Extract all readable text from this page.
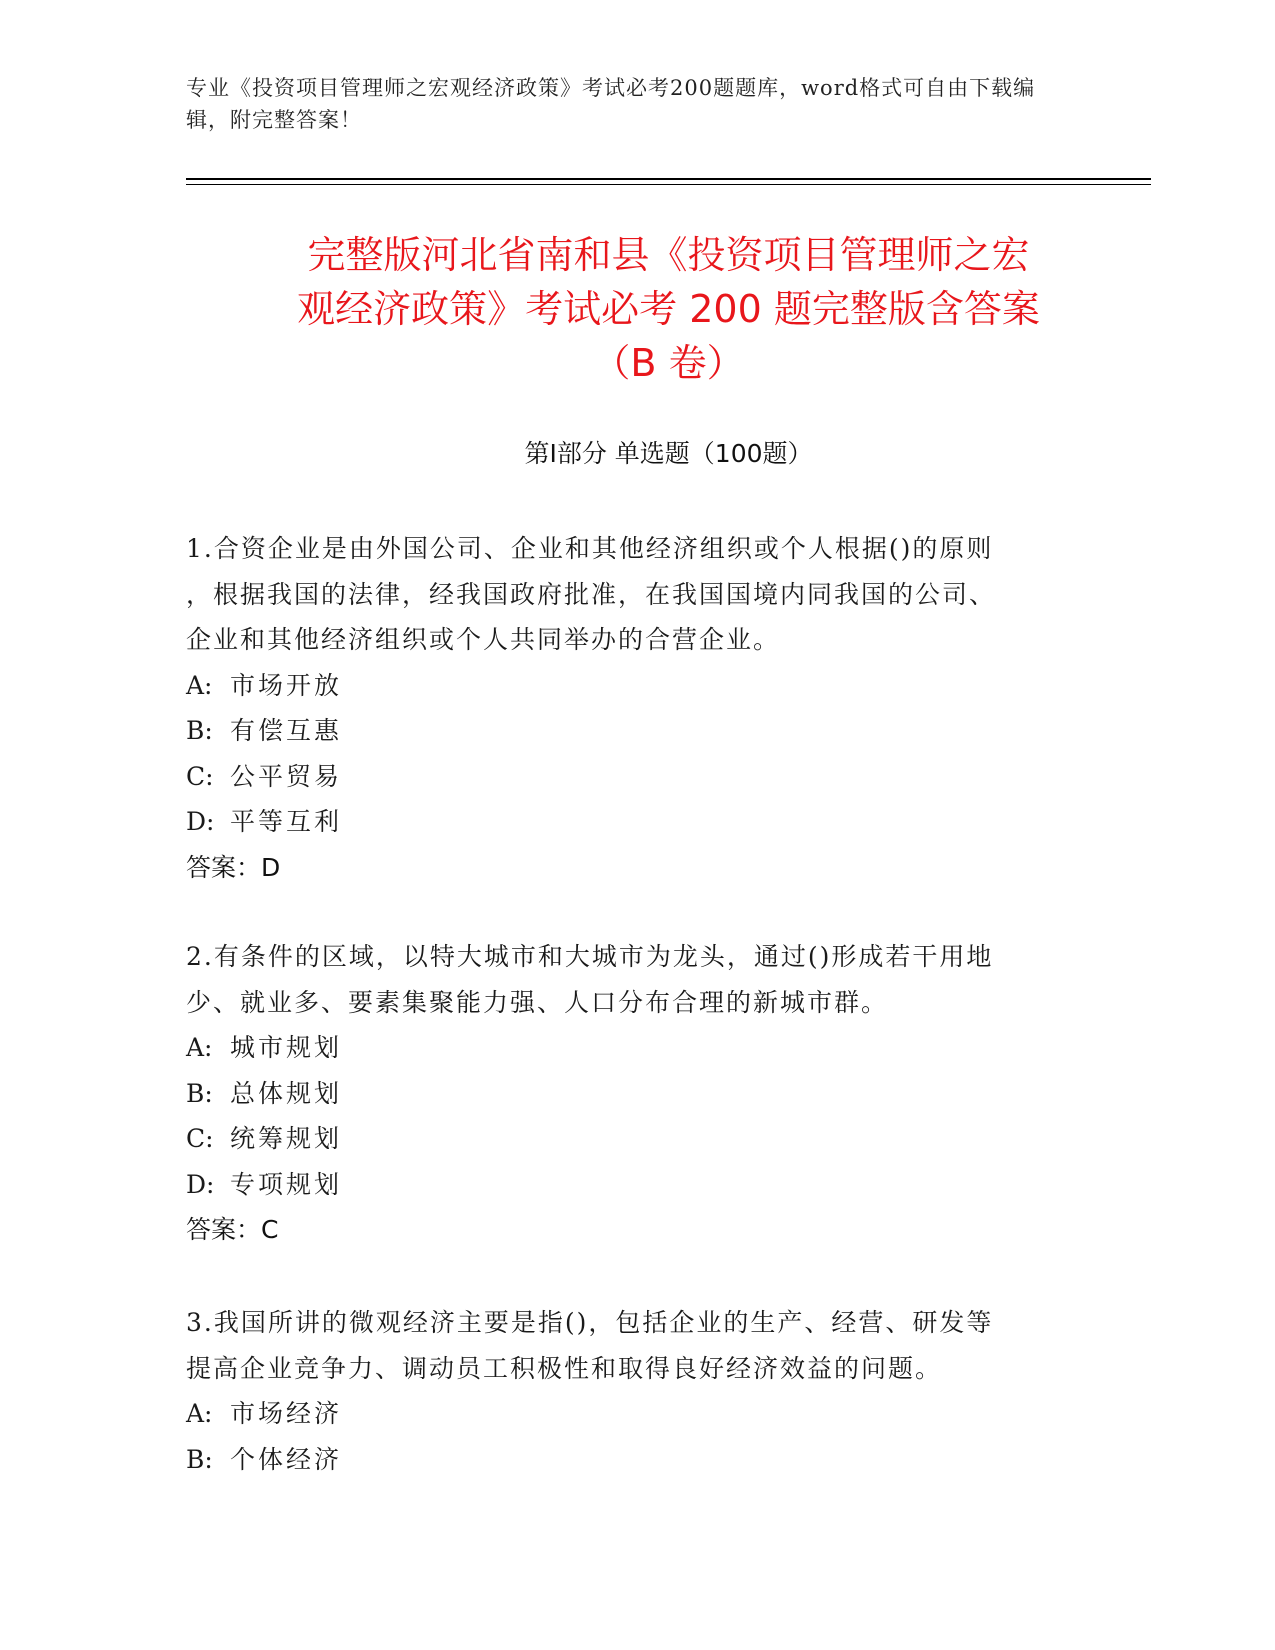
专业《投资项目管理师之宏观经济政策》考试必考200题题库，word格式可自由下载编辑，附完整答案！
完整版河北省南和县《投资项目管理师之宏
观经济政策》考试必考 200 题完整版含答案
（B 卷）
第Ⅰ部分 单选题（100题）

1.合资企业是由外国公司、企业和其他经济组织或个人根据()的原则

，根据我国的法律，经我国政府批准，在我国国境内同我国的公司、

企业和其他经济组织或个人共同举办的合营企业。

A: 市场开放

B: 有偿互惠

C: 公平贸易

D: 平等互利

答案：D

2.有条件的区域，以特大城市和大城市为龙头，通过()形成若干用地

少、就业多、要素集聚能力强、人口分布合理的新城市群。

A: 城市规划

B: 总体规划

C: 统筹规划

D: 专项规划

答案：C

3.我国所讲的微观经济主要是指()，包括企业的生产、经营、研发等

提高企业竞争力、调动员工积极性和取得良好经济效益的问题。

A: 市场经济

B: 个体经济
